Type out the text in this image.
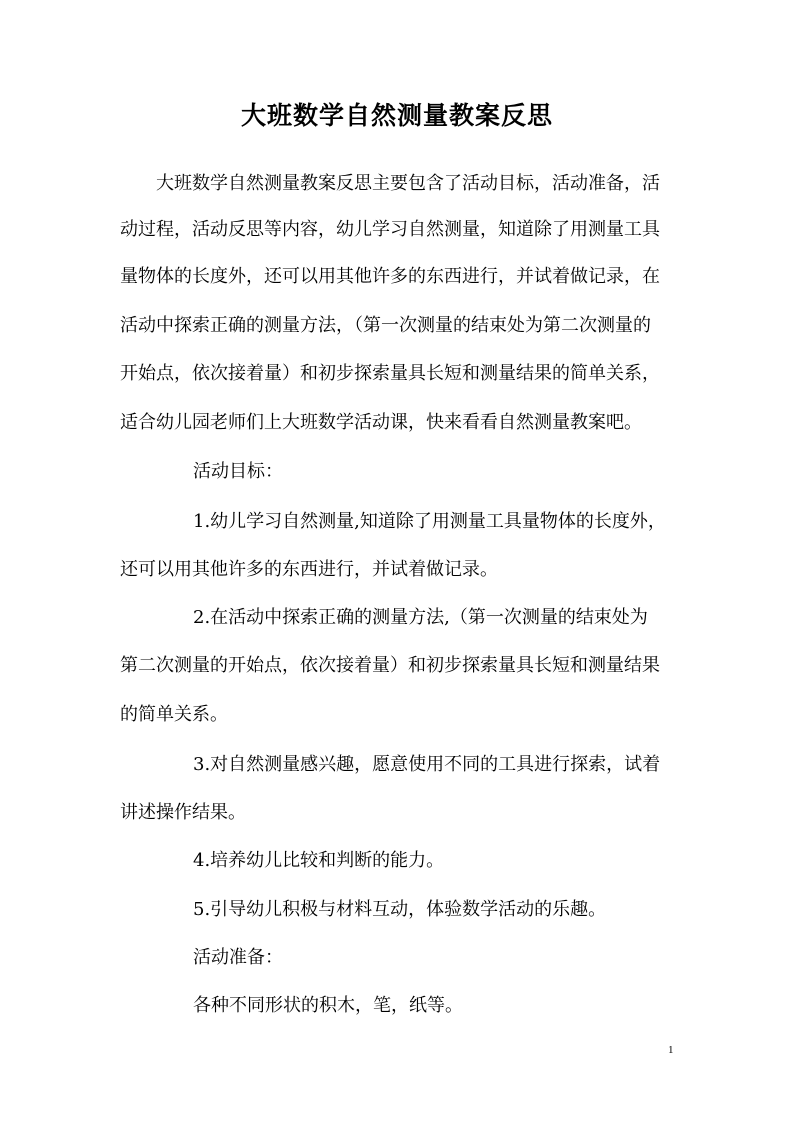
大班数学自然测量教案反思
大班数学自然测量教案反思主要包含了活动目标，活动准备，活
动过程，活动反思等内容，幼儿学习自然测量，知道除了用测量工具
量物体的长度外，还可以用其他许多的东西进行，并试着做记录，在
活动中探索正确的测量方法，（第一次测量的结束处为第二次测量的
开始点，依次接着量）和初步探索量具长短和测量结果的简单关系，
适合幼儿园老师们上大班数学活动课，快来看看自然测量教案吧。
活动目标：
1.幼儿学习自然测量,知道除了用测量工具量物体的长度外，
还可以用其他许多的东西进行，并试着做记录。
2.在活动中探索正确的测量方法,（第一次测量的结束处为
第二次测量的开始点，依次接着量）和初步探索量具长短和测量结果
的简单关系。
3.对自然测量感兴趣，愿意使用不同的工具进行探索，试着
讲述操作结果。
4.培养幼儿比较和判断的能力。
5.引导幼儿积极与材料互动，体验数学活动的乐趣。
活动准备：
各种不同形状的积木，笔，纸等。
1
